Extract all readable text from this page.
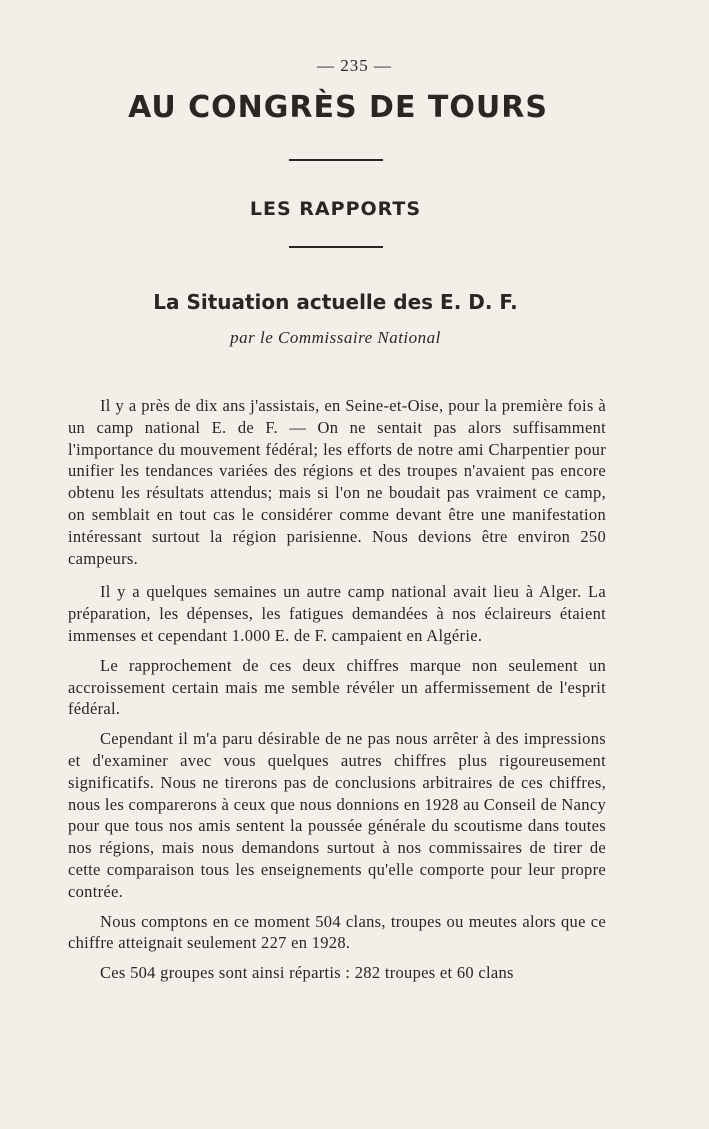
— 235 —
AU CONGRÈS DE TOURS
LES RAPPORTS
La Situation actuelle des E. D. F.
par le Commissaire National

Il y a près de dix ans j'assistais, en Seine-et-Oise, pour la première fois à un camp national E. de F. — On ne sentait pas alors suffisamment l'importance du mouvement fédéral; les efforts de notre ami Charpentier pour unifier les tendances variées des régions et des troupes n'avaient pas encore obtenu les résultats attendus; mais si l'on ne boudait pas vraiment ce camp, on semblait en tout cas le considérer comme devant être une manifestation intéressant surtout la région parisienne. Nous devions être environ 250 campeurs.

Il y a quelques semaines un autre camp national avait lieu à Alger. La préparation, les dépenses, les fatigues demandées à nos éclaireurs étaient immenses et cependant 1.000 E. de F. campaient en Algérie.

Le rapprochement de ces deux chiffres marque non seulement un accroissement certain mais me semble révéler un affermissement de l'esprit fédéral.

Cependant il m'a paru désirable de ne pas nous arrêter à des impressions et d'examiner avec vous quelques autres chiffres plus rigoureusement significatifs. Nous ne tirerons pas de conclusions arbitraires de ces chiffres, nous les comparerons à ceux que nous donnions en 1928 au Conseil de Nancy pour que tous nos amis sentent la poussée générale du scoutisme dans toutes nos régions, mais nous demandons surtout à nos commissaires de tirer de cette comparaison tous les enseignements qu'elle comporte pour leur propre contrée.

Nous comptons en ce moment 504 clans, troupes ou meutes alors que ce chiffre atteignait seulement 227 en 1928.

Ces 504 groupes sont ainsi répartis : 282 troupes et 60 clans
